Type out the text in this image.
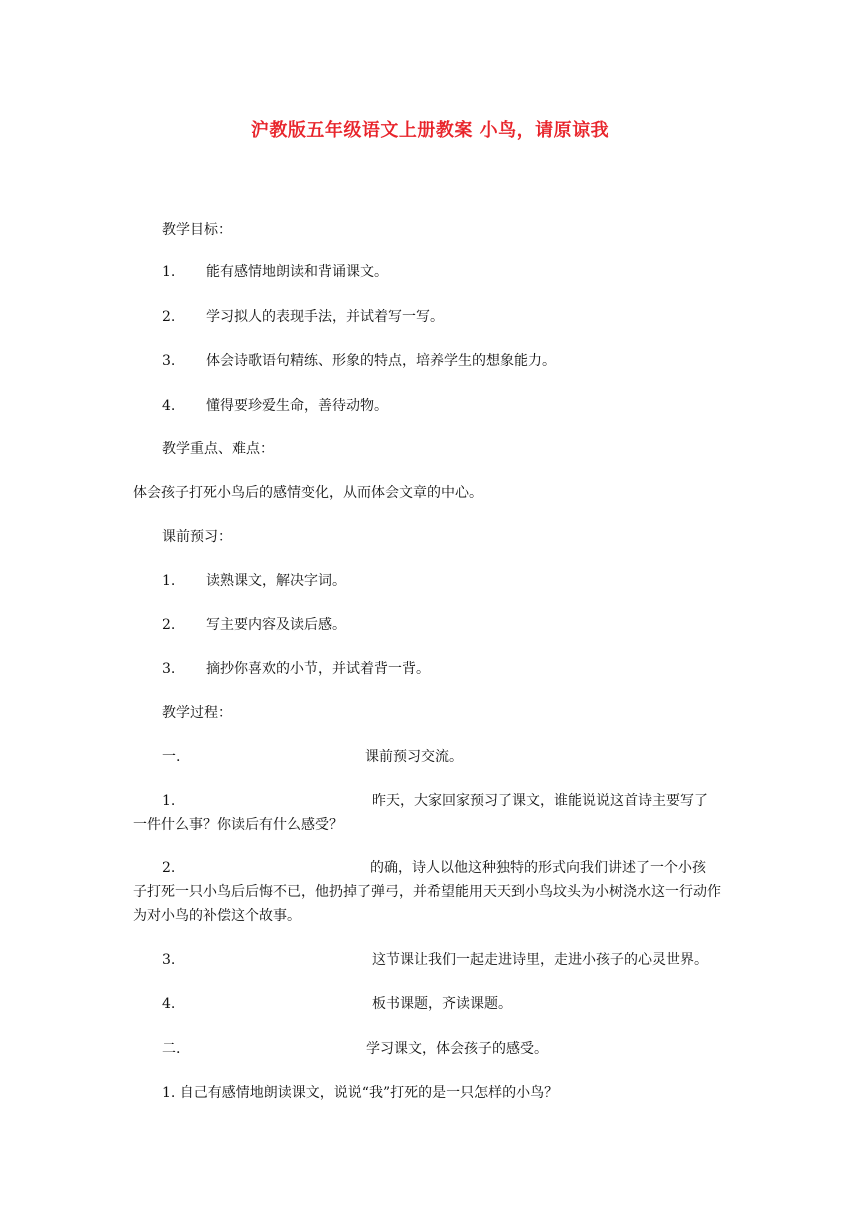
沪教版五年级语文上册教案 小鸟，请原谅我
教学目标：
1. 能有感情地朗读和背诵课文。
2. 学习拟人的表现手法，并试着写一写。
3. 体会诗歌语句精练、形象的特点，培养学生的想象能力。
4. 懂得要珍爱生命，善待动物。
教学重点、难点：
体会孩子打死小鸟后的感情变化，从而体会文章的中心。
课前预习：
1. 读熟课文，解决字词。
2. 写主要内容及读后感。
3. 摘抄你喜欢的小节，并试着背一背。
教学过程：
一.	课前预习交流。
1.	昨天，大家回家预习了课文，谁能说说这首诗主要写了
一件什么事？你读后有什么感受？
2.	的确，诗人以他这种独特的形式向我们讲述了一个小孩
子打死一只小鸟后后悔不已，他扔掉了弹弓，并希望能用天天到小鸟坟头为小树浇水这一行动作为对小鸟的补偿这个故事。
3.	这节课让我们一起走进诗里，走进小孩子的心灵世界。
4.	板书课题，齐读课题。
二.	学习课文，体会孩子的感受。
1. 自己有感情地朗读课文，说说“我”打死的是一只怎样的小鸟？
